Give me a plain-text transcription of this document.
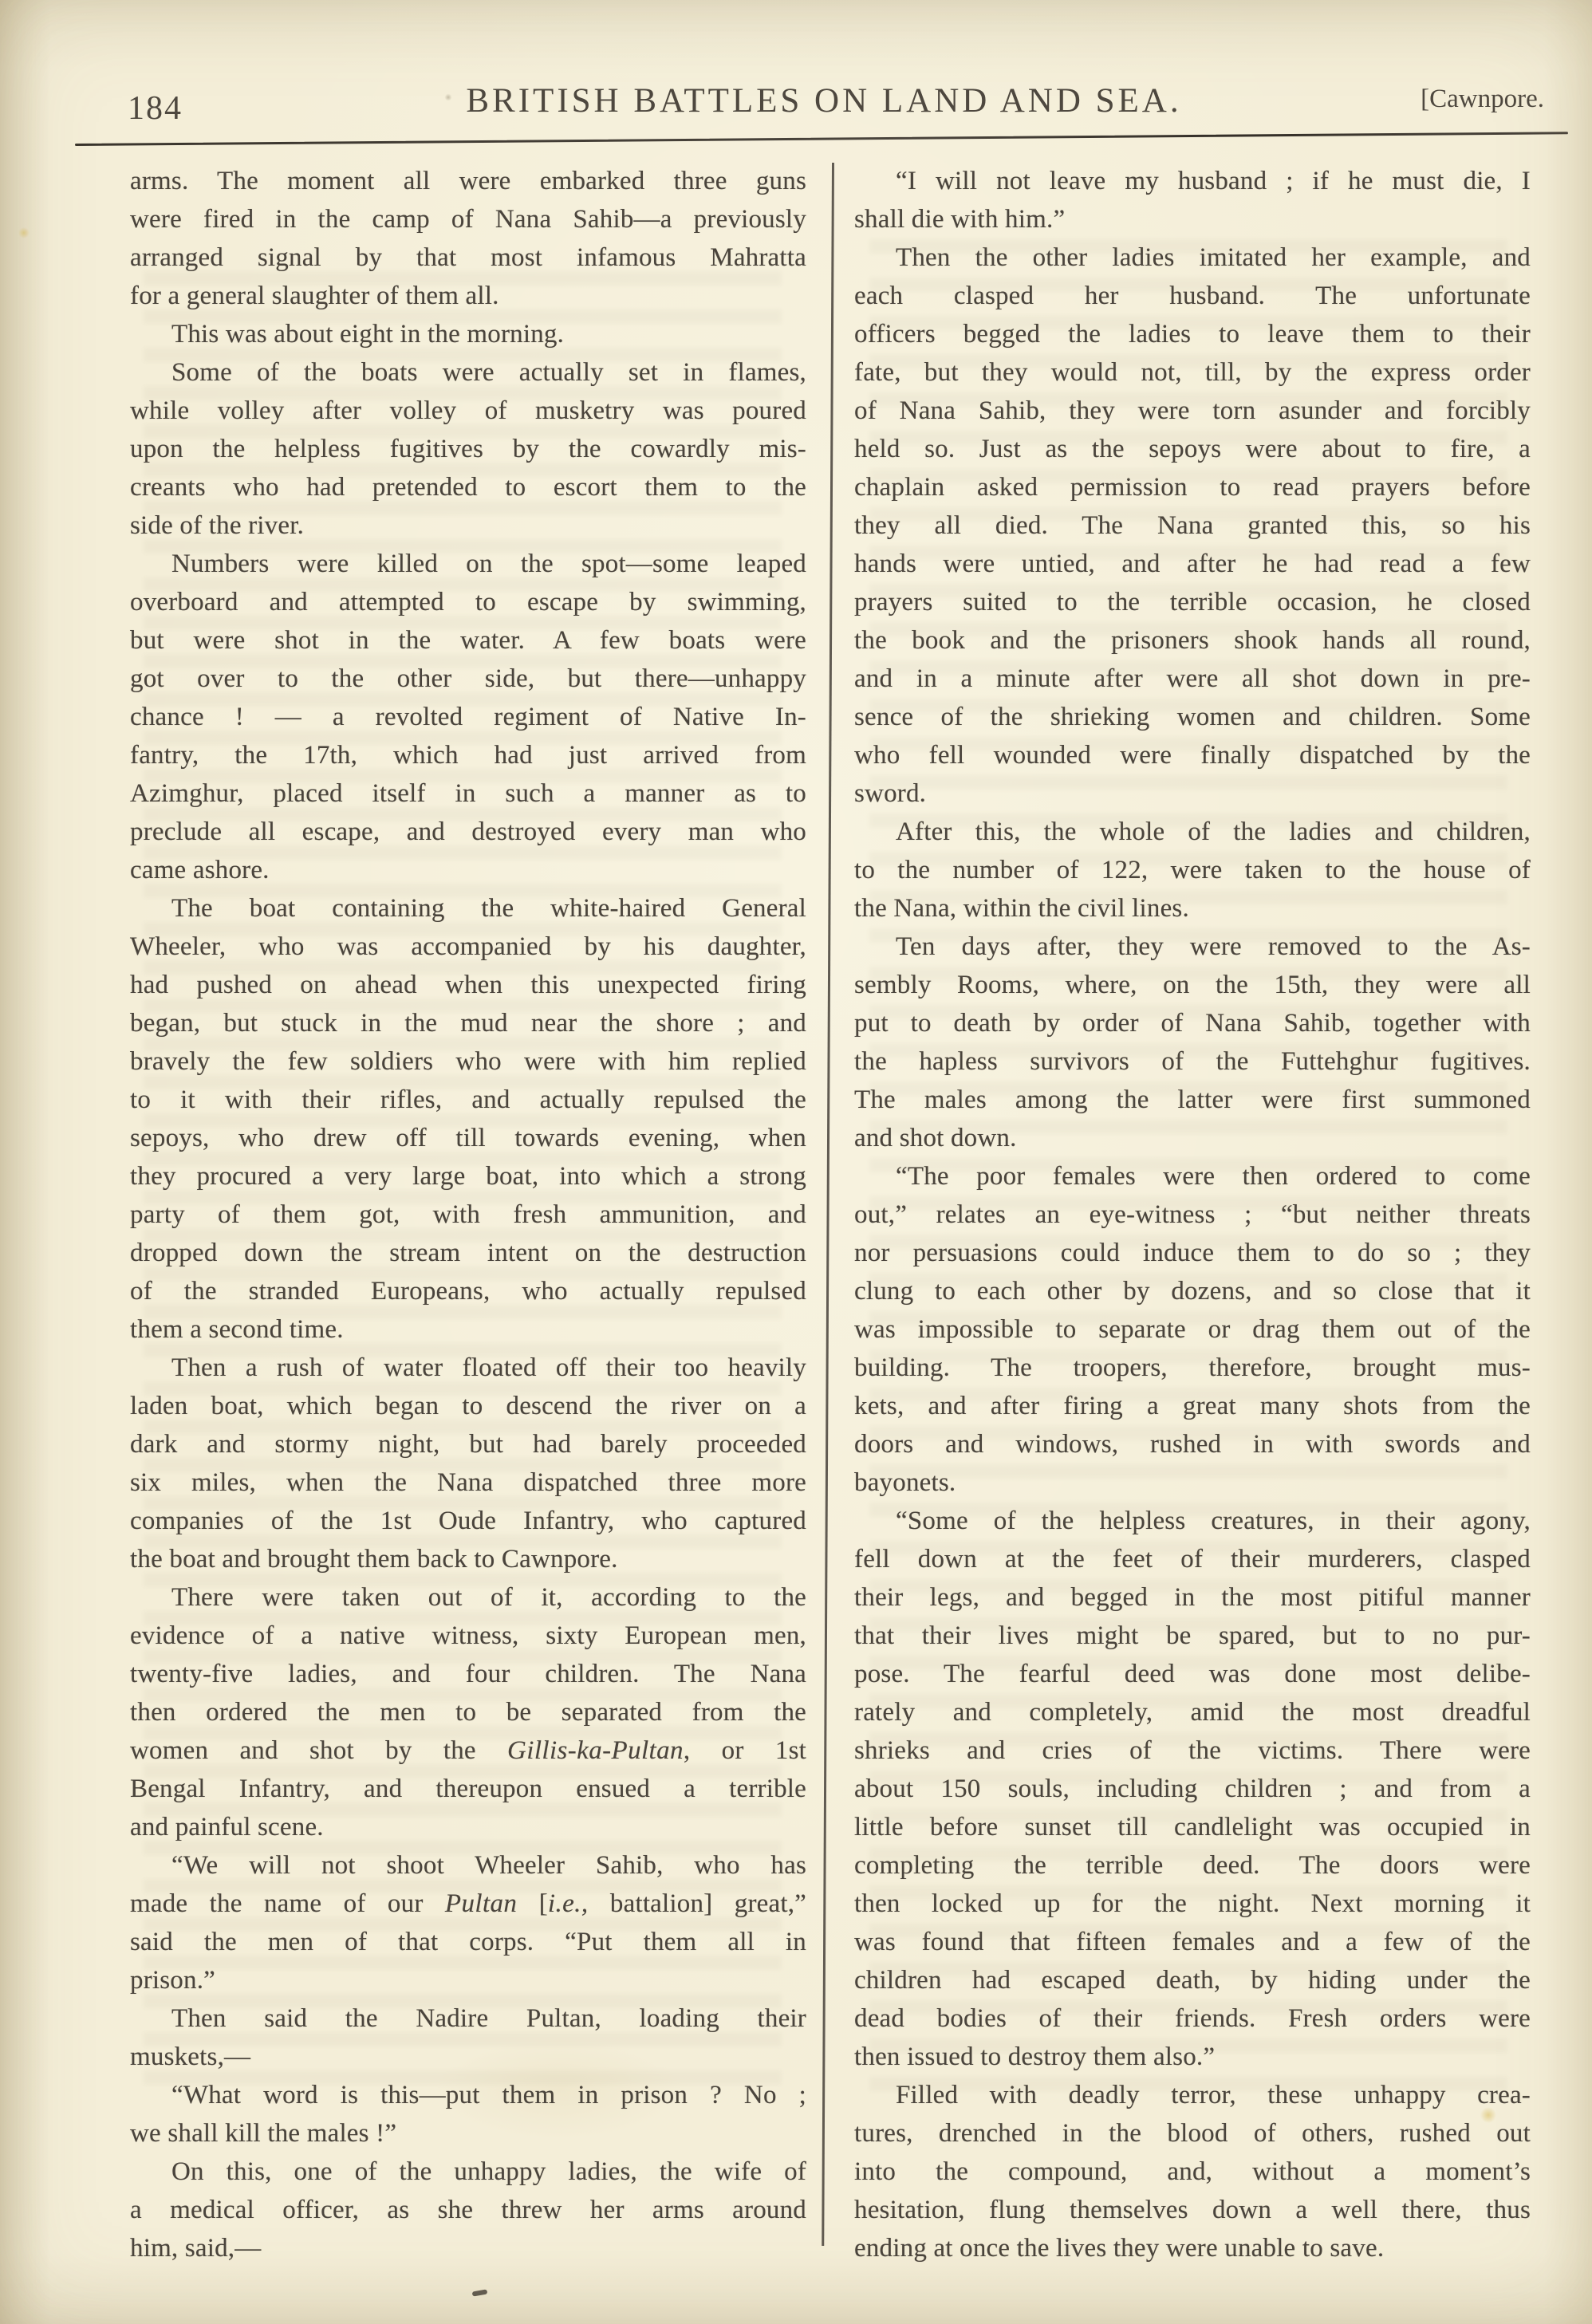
184	BRITISH BATTLES ON LAND AND SEA.	[Cawnpore.
arms. The moment all were embarked three guns
were fired in the camp of Nana Sahib—a previously
arranged signal by that most infamous Mahratta
for a general slaughter of them all.
This was about eight in the morning.
Some of the boats were actually set in flames,
while volley after volley of musketry was poured
upon the helpless fugitives by the cowardly mis-
creants who had pretended to escort them to the
side of the river.
Numbers were killed on the spot—some leaped
overboard and attempted to escape by swimming,
but were shot in the water. A few boats were
got over to the other side, but there—unhappy
chance ! — a revolted regiment of Native In-
fantry, the 17th, which had just arrived from
Azimghur, placed itself in such a manner as to
preclude all escape, and destroyed every man who
came ashore.
The boat containing the white-haired General
Wheeler, who was accompanied by his daughter,
had pushed on ahead when this unexpected firing
began, but stuck in the mud near the shore ; and
bravely the few soldiers who were with him replied
to it with their rifles, and actually repulsed the
sepoys, who drew off till towards evening, when
they procured a very large boat, into which a strong
party of them got, with fresh ammunition, and
dropped down the stream intent on the destruction
of the stranded Europeans, who actually repulsed
them a second time.
Then a rush of water floated off their too heavily
laden boat, which began to descend the river on a
dark and stormy night, but had barely proceeded
six miles, when the Nana dispatched three more
companies of the 1st Oude Infantry, who captured
the boat and brought them back to Cawnpore.
There were taken out of it, according to the
evidence of a native witness, sixty European men,
twenty-five ladies, and four children. The Nana
then ordered the men to be separated from the
women and shot by the Gillis-ka-Pultan, or 1st
Bengal Infantry, and thereupon ensued a terrible
and painful scene.
“We will not shoot Wheeler Sahib, who has
made the name of our Pultan [i.e., battalion] great,”
said the men of that corps. “Put them all in
prison.”
Then said the Nadire Pultan, loading their
muskets,—
“What word is this—put them in prison ? No ;
we shall kill the males !”
On this, one of the unhappy ladies, the wife of
a medical officer, as she threw her arms around
him, said,—
“I will not leave my husband ; if he must die, I
shall die with him.”
Then the other ladies imitated her example, and
each clasped her husband. The unfortunate
officers begged the ladies to leave them to their
fate, but they would not, till, by the express order
of Nana Sahib, they were torn asunder and forcibly
held so. Just as the sepoys were about to fire, a
chaplain asked permission to read prayers before
they all died. The Nana granted this, so his
hands were untied, and after he had read a few
prayers suited to the terrible occasion, he closed
the book and the prisoners shook hands all round,
and in a minute after were all shot down in pre-
sence of the shrieking women and children. Some
who fell wounded were finally dispatched by the
sword.
After this, the whole of the ladies and children,
to the number of 122, were taken to the house of
the Nana, within the civil lines.
Ten days after, they were removed to the As-
sembly Rooms, where, on the 15th, they were all
put to death by order of Nana Sahib, together with
the hapless survivors of the Futtehghur fugitives.
The males among the latter were first summoned
and shot down.
“The poor females were then ordered to come
out,” relates an eye-witness ; “but neither threats
nor persuasions could induce them to do so ; they
clung to each other by dozens, and so close that it
was impossible to separate or drag them out of the
building. The troopers, therefore, brought mus-
kets, and after firing a great many shots from the
doors and windows, rushed in with swords and
bayonets.
“Some of the helpless creatures, in their agony,
fell down at the feet of their murderers, clasped
their legs, and begged in the most pitiful manner
that their lives might be spared, but to no pur-
pose. The fearful deed was done most delibe-
rately and completely, amid the most dreadful
shrieks and cries of the victims. There were
about 150 souls, including children ; and from a
little before sunset till candlelight was occupied in
completing the terrible deed. The doors were
then locked up for the night. Next morning it
was found that fifteen females and a few of the
children had escaped death, by hiding under the
dead bodies of their friends. Fresh orders were
then issued to destroy them also.”
Filled with deadly terror, these unhappy crea-
tures, drenched in the blood of others, rushed out
into the compound, and, without a moment’s
hesitation, flung themselves down a well there, thus
ending at once the lives they were unable to save.
